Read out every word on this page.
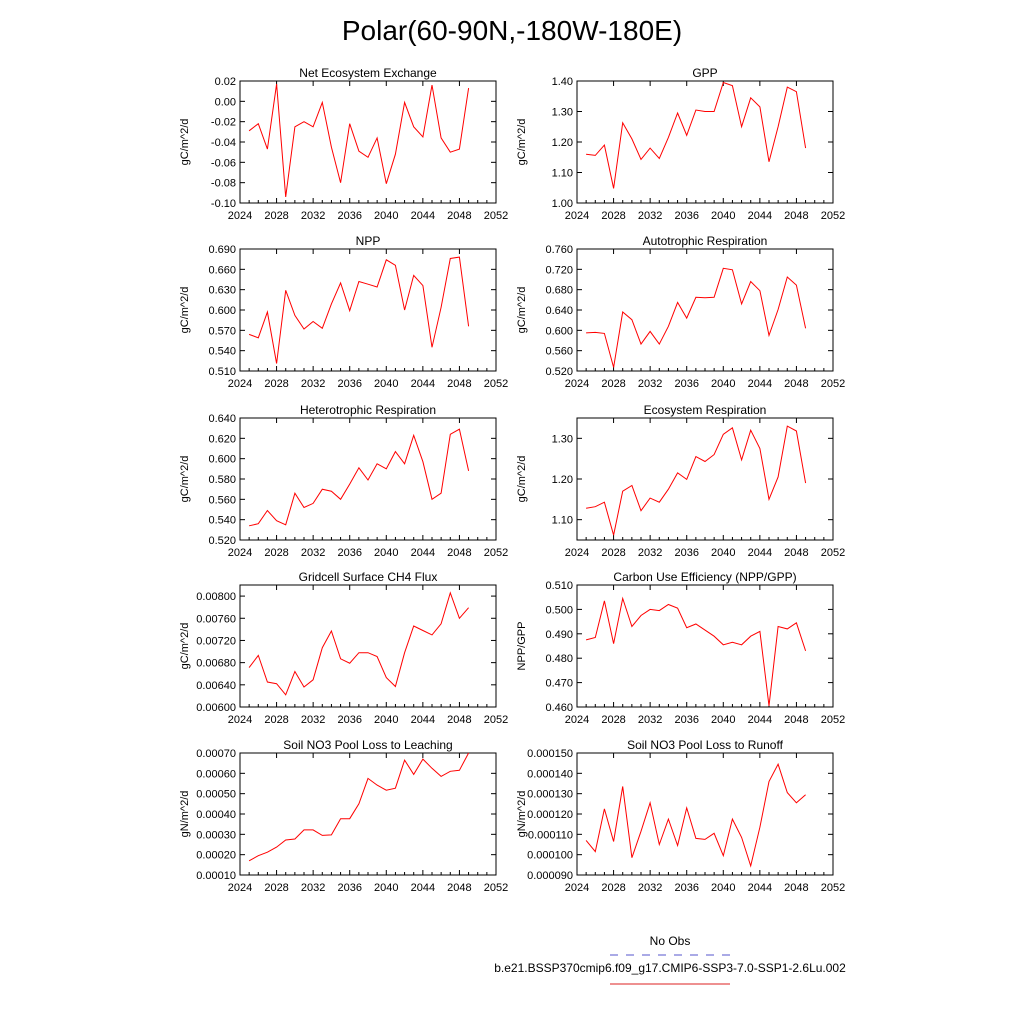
Polar(60-90N,-180W-180E)
Net Ecosystem Exchange
gC/m^2/d
2024 2028 2032 2036 2040 2044 2048 2052
-0.10
-0.08
-0.06
-0.04
-0.02
0.00
0.02
GPP
gC/m^2/d
2024 2028 2032 2036 2040 2044 2048 2052
1.00
1.10
1.20
1.30
1.40
NPP
gC/m^2/d
2024 2028 2032 2036 2040 2044 2048 2052
0.510
0.540
0.570
0.600
0.630
0.660
0.690
Autotrophic Respiration
gC/m^2/d
2024 2028 2032 2036 2040 2044 2048 2052
0.520
0.560
0.600
0.640
0.680
0.720
0.760
Heterotrophic Respiration
gC/m^2/d
2024 2028 2032 2036 2040 2044 2048 2052
0.520
0.540
0.560
0.580
0.600
0.620
0.640
Ecosystem Respiration
gC/m^2/d
2024 2028 2032 2036 2040 2044 2048 2052
1.10
1.20
1.30
Gridcell Surface CH4 Flux
gC/m^2/d
2024 2028 2032 2036 2040 2044 2048 2052
0.00600
0.00640
0.00680
0.00720
0.00760
0.00800
Carbon Use Efficiency (NPP/GPP)
NPP/GPP
2024 2028 2032 2036 2040 2044 2048 2052
0.460
0.470
0.480
0.490
0.500
0.510
Soil NO3 Pool Loss to Leaching
gN/m^2/d
2024 2028 2032 2036 2040 2044 2048 2052
0.00010
0.00020
0.00030
0.00040
0.00050
0.00060
0.00070
Soil NO3 Pool Loss to Runoff
gN/m^2/d
2024 2028 2032 2036 2040 2044 2048 2052
0.000090
0.000100
0.000110
0.000120
0.000130
0.000140
0.000150
No Obs
b.e21.BSSP370cmip6.f09_g17.CMIP6-SSP3-7.0-SSP1-2.6Lu.002
